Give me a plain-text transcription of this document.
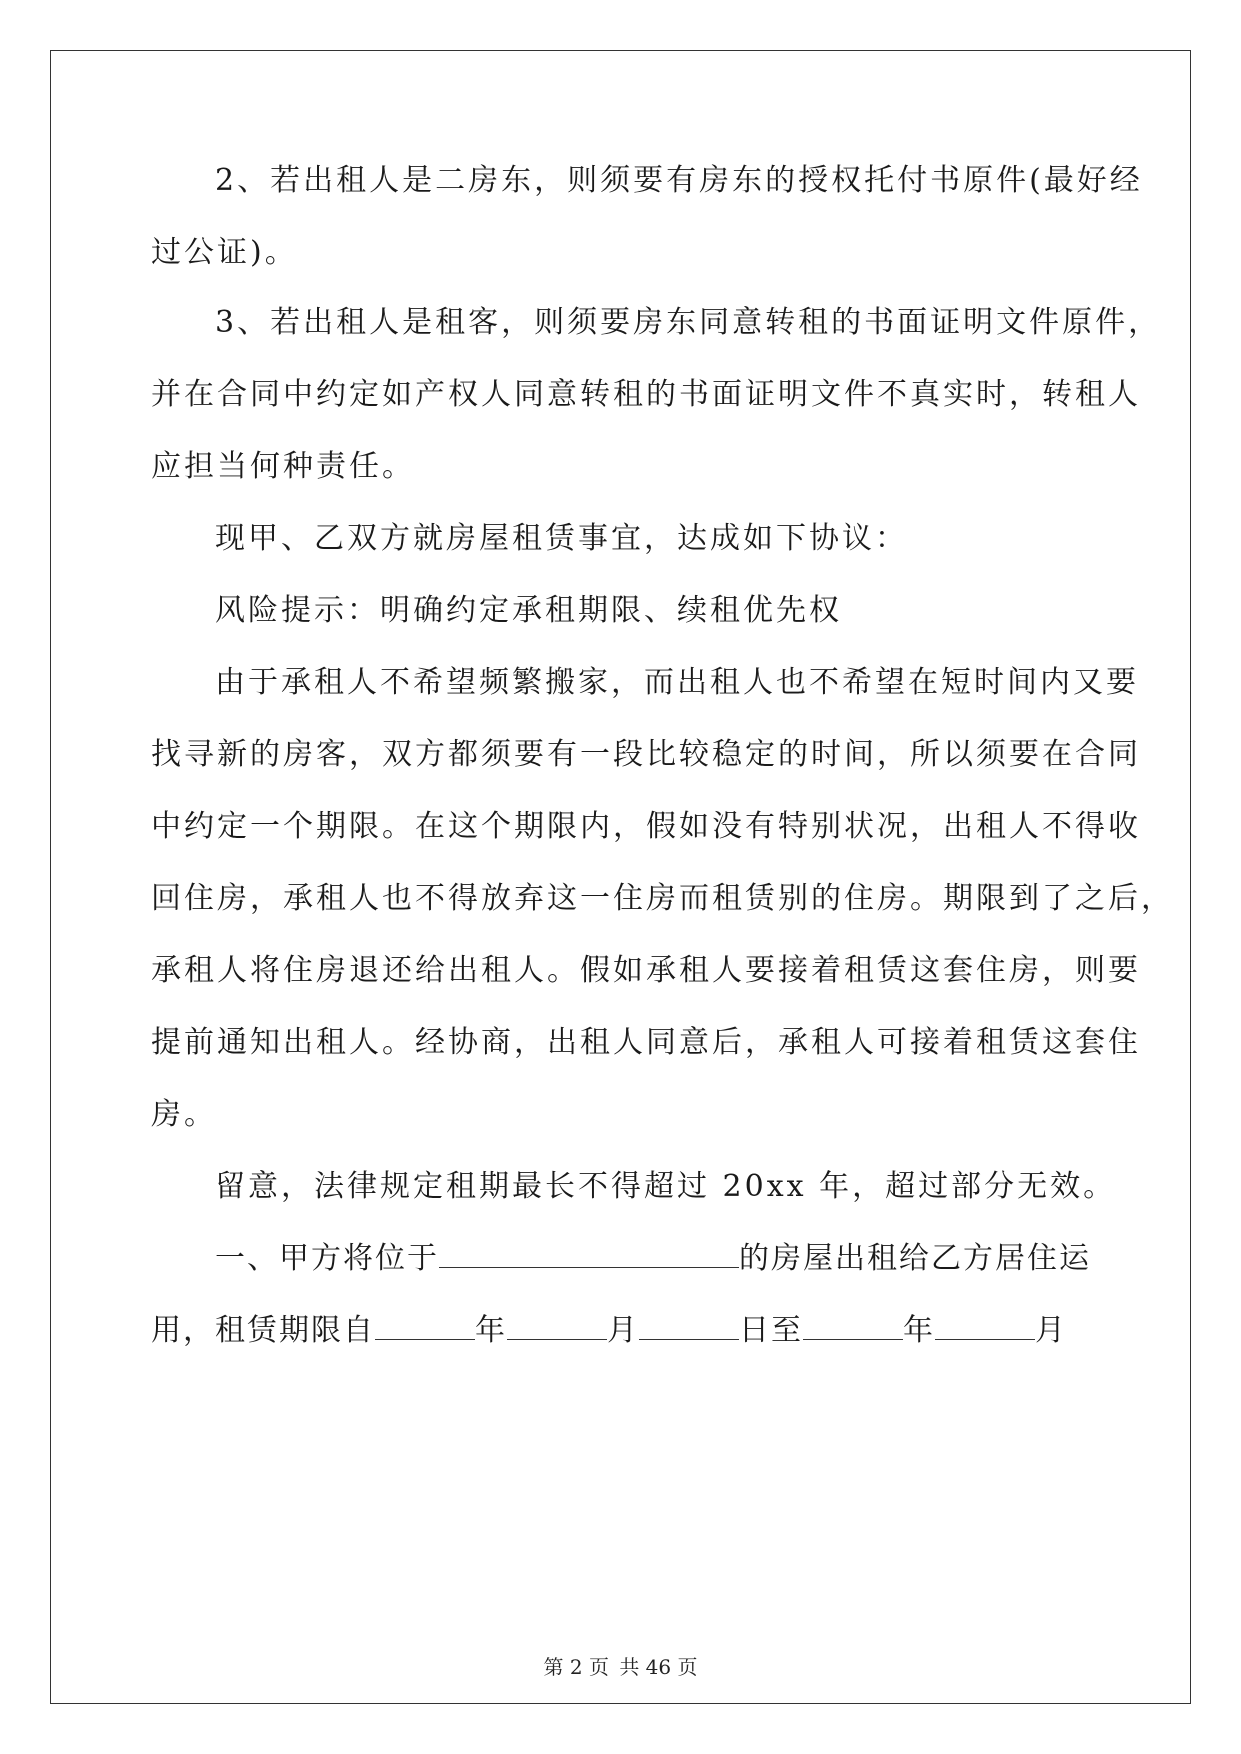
2、若出租人是二房东，则须要有房东的授权托付书原件(最好经
过公证)。
3、若出租人是租客，则须要房东同意转租的书面证明文件原件，
并在合同中约定如产权人同意转租的书面证明文件不真实时，转租人
应担当何种责任。
现甲、乙双方就房屋租赁事宜，达成如下协议：
风险提示：明确约定承租期限、续租优先权
由于承租人不希望频繁搬家，而出租人也不希望在短时间内又要
找寻新的房客，双方都须要有一段比较稳定的时间，所以须要在合同
中约定一个期限。在这个期限内，假如没有特别状况，出租人不得收
回住房，承租人也不得放弃这一住房而租赁别的住房。期限到了之后，
承租人将住房退还给出租人。假如承租人要接着租赁这套住房，则要
提前通知出租人。经协商，出租人同意后，承租人可接着租赁这套住
房。
留意，法律规定租期最长不得超过 20xx 年，超过部分无效。
一、甲方将位于	的房屋出租给乙方居住运
用，租赁期限自	年	月	日至	年	月
第 2 页 共 46 页
